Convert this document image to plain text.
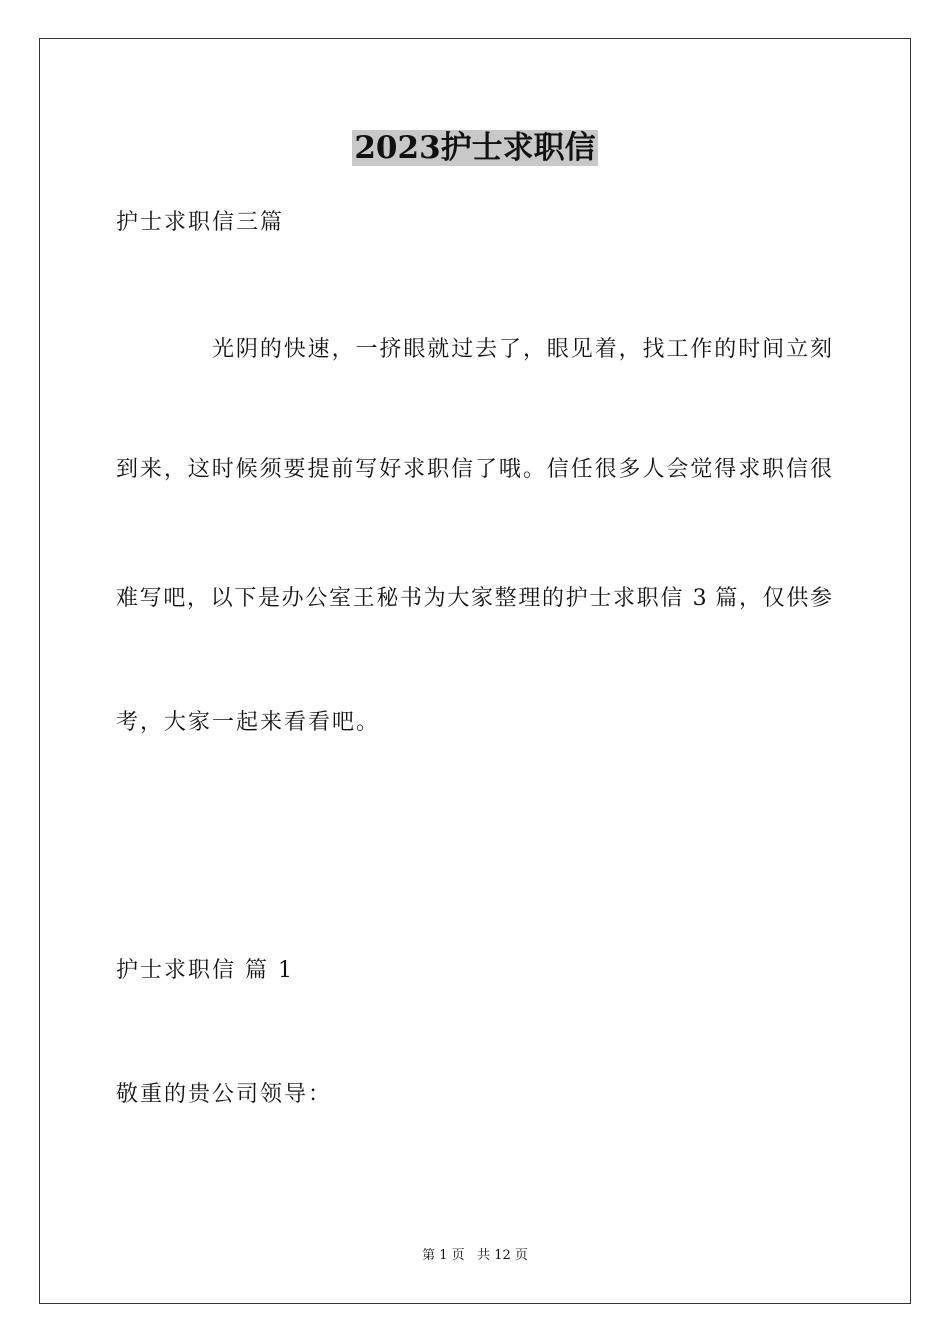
2023护士求职信
护士求职信三篇
光阴的快速，一挤眼就过去了，眼见着，找工作的时间立刻
到来，这时候须要提前写好求职信了哦。信任很多人会觉得求职信很
难写吧，以下是办公室王秘书为大家整理的护士求职信 3 篇，仅供参
考，大家一起来看看吧。
护士求职信 篇 1
敬重的贵公司领导：
第 1 页   共 12 页
